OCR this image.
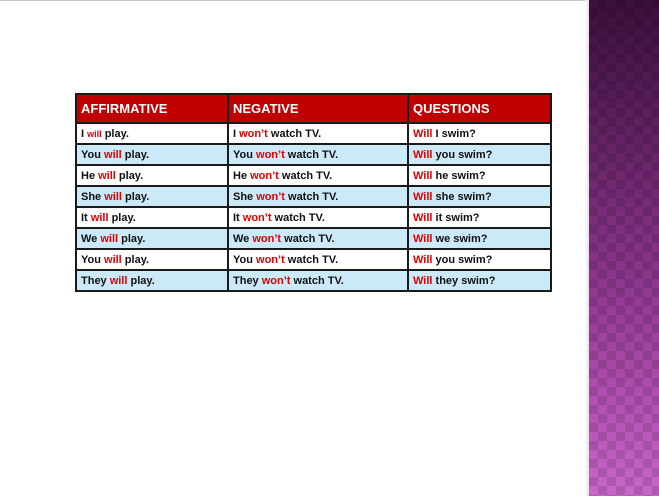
AFFIRMATIVE	NEGATIVE	QUESTIONS
I will play.	I won’t watch TV.	Will I swim?
You will play.	You won’t watch TV.	Will you swim?
He will play.	He won’t watch TV.	Will he swim?
She will play.	She won’t watch TV.	Will she swim?
It will play.	It won’t watch TV.	Will it swim?
We will play.	We won’t watch TV.	Will we swim?
You will play.	You won’t watch TV.	Will you swim?
They will play.	They won’t watch TV.	Will they swim?
